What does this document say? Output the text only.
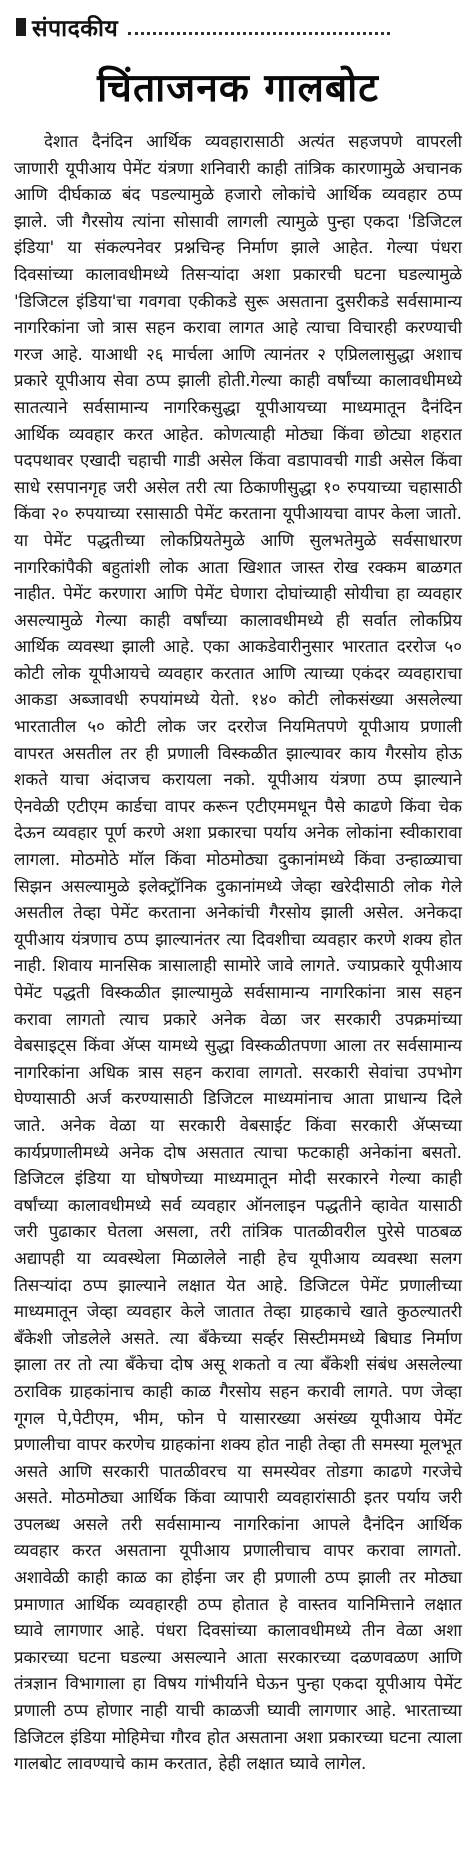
संपादकीय
चिंताजनक गालबोट

देशात दैनंदिन आर्थिक व्यवहारासाठी अत्यंत सहजपणे वापरली जाणारी यूपीआय पेमेंट यंत्रणा शनिवारी काही तांत्रिक कारणामुळे अचानक आणि दीर्घकाळ बंद पडल्यामुळे हजारो लोकांचे आर्थिक व्यवहार ठप्प झाले. जी गैरसोय त्यांना सोसावी लागली त्यामुळे पुन्हा एकदा 'डिजिटल इंडिया' या संकल्पनेवर प्रश्नचिन्ह निर्माण झाले आहेत. गेल्या पंधरा दिवसांच्या कालावधीमध्ये तिसऱ्यांदा अशा प्रकारची घटना घडल्यामुळे 'डिजिटल इंडिया'चा गवगवा एकीकडे सुरू असताना दुसरीकडे सर्वसामान्य नागरिकांना जो त्रास सहन करावा लागत आहे त्याचा विचारही करण्याची गरज आहे. याआधी २६ मार्चला आणि त्यानंतर २ एप्रिललासुद्धा अशाच प्रकारे यूपीआय सेवा ठप्प झाली होती.गेल्या काही वर्षांच्या कालावधीमध्ये सातत्याने सर्वसामान्य नागरिकसुद्धा यूपीआयच्या माध्यमातून दैनंदिन आर्थिक व्यवहार करत आहेत. कोणत्याही मोठ्या किंवा छोट्या शहरात पदपथावर एखादी चहाची गाडी असेल किंवा वडापावची गाडी असेल किंवा साधे रसपानगृह जरी असेल तरी त्या ठिकाणीसुद्धा १० रुपयाच्या चहासाठी किंवा २० रुपयाच्या रसासाठी पेमेंट करताना यूपीआयचा वापर केला जातो. या पेमेंट पद्धतीच्या लोकप्रियतेमुळे आणि सुलभतेमुळे सर्वसाधारण नागरिकांपैकी बहुतांशी लोक आता खिशात जास्त रोख रक्कम बाळगत नाहीत. पेमेंट करणारा आणि पेमेंट घेणारा दोघांच्याही सोयीचा हा व्यवहार असल्यामुळे गेल्या काही वर्षांच्या कालावधीमध्ये ही सर्वात लोकप्रिय आर्थिक व्यवस्था झाली आहे. एका आकडेवारीनुसार भारतात दररोज ५० कोटी लोक यूपीआयचे व्यवहार करतात आणि त्याच्या एकंदर व्यवहाराचा आकडा अब्जावधी रुपयांमध्ये येतो. १४० कोटी लोकसंख्या असलेल्या भारतातील ५० कोटी लोक जर दररोज नियमितपणे यूपीआय प्रणाली वापरत असतील तर ही प्रणाली विस्कळीत झाल्यावर काय गैरसोय होऊ शकते याचा अंदाजच करायला नको. यूपीआय यंत्रणा ठप्प झाल्याने ऐनवेळी एटीएम कार्डचा वापर करून एटीएममधून पैसे काढणे किंवा चेक देऊन व्यवहार पूर्ण करणे अशा प्रकारचा पर्याय अनेक लोकांना स्वीकारावा लागला. मोठमोठे मॉल किंवा मोठमोठ्या दुकानांमध्ये किंवा उन्हाळ्याचा सिझन असल्यामुळे इलेक्ट्रॉनिक दुकानांमध्ये जेव्हा खरेदीसाठी लोक गेले असतील तेव्हा पेमेंट करताना अनेकांची गैरसोय झाली असेल. अनेकदा यूपीआय यंत्रणाच ठप्प झाल्यानंतर त्या दिवशीचा व्यवहार करणे शक्य होत नाही. शिवाय मानसिक त्रासालाही सामोरे जावे लागते. ज्याप्रकारे यूपीआय पेमेंट पद्धती विस्कळीत झाल्यामुळे सर्वसामान्य नागरिकांना त्रास सहन करावा लागतो त्याच प्रकारे अनेक वेळा जर सरकारी उपक्रमांच्या वेबसाइट्स किंवा ॲप्स यामध्ये सुद्धा विस्कळीतपणा आला तर सर्वसामान्य नागरिकांना अधिक त्रास सहन करावा लागतो. सरकारी सेवांचा उपभोग घेण्यासाठी अर्ज करण्यासाठी डिजिटल माध्यमांनाच आता प्राधान्य दिले जाते. अनेक वेळा या सरकारी वेबसाईट किंवा सरकारी ॲप्सच्या कार्यप्रणालीमध्ये अनेक दोष असतात त्याचा फटकाही अनेकांना बसतो. डिजिटल इंडिया या घोषणेच्या माध्यमातून मोदी सरकारने गेल्या काही वर्षांच्या कालावधीमध्ये सर्व व्यवहार ऑनलाइन पद्धतीने व्हावेत यासाठी जरी पुढाकार घेतला असला, तरी तांत्रिक पातळीवरील पुरेसे पाठबळ अद्यापही या व्यवस्थेला मिळालेले नाही हेच यूपीआय व्यवस्था सलग तिसऱ्यांदा ठप्प झाल्याने लक्षात येत आहे. डिजिटल पेमेंट प्रणालीच्या माध्यमातून जेव्हा व्यवहार केले जातात तेव्हा ग्राहकाचे खाते कुठल्यातरी बँकेशी जोडलेले असते. त्या बँकेच्या सर्व्हर सिस्टीममध्ये बिघाड निर्माण झाला तर तो त्या बँकेचा दोष असू शकतो व त्या बँकेशी संबंध असलेल्या ठराविक ग्राहकांनाच काही काळ गैरसोय सहन करावी लागते. पण जेव्हा गूगल पे,पेटीएम, भीम, फोन पे यासारख्या असंख्य यूपीआय पेमेंट प्रणालीचा वापर करणेच ग्राहकांना शक्य होत नाही तेव्हा ती समस्या मूलभूत असते आणि सरकारी पातळीवरच या समस्येवर तोडगा काढणे गरजेचे असते. मोठमोठ्या आर्थिक किंवा व्यापारी व्यवहारांसाठी इतर पर्याय जरी उपलब्ध असले तरी सर्वसामान्य नागरिकांना आपले दैनंदिन आर्थिक व्यवहार करत असताना यूपीआय प्रणालीचाच वापर करावा लागतो. अशावेळी काही काळ का होईना जर ही प्रणाली ठप्प झाली तर मोठ्या प्रमाणात आर्थिक व्यवहारही ठप्प होतात हे वास्तव यानिमित्ताने लक्षात घ्यावे लागणार आहे. पंधरा दिवसांच्या कालावधीमध्ये तीन वेळा अशा प्रकारच्या घटना घडल्या असल्याने आता सरकारच्या दळणवळण आणि तंत्रज्ञान विभागाला हा विषय गांभीर्याने घेऊन पुन्हा एकदा यूपीआय पेमेंट प्रणाली ठप्प होणार नाही याची काळजी घ्यावी लागणार आहे. भारताच्या डिजिटल इंडिया मोहिमेचा गौरव होत असताना अशा प्रकारच्या घटना त्याला गालबोट लावण्याचे काम करतात, हेही लक्षात घ्यावे लागेल.
